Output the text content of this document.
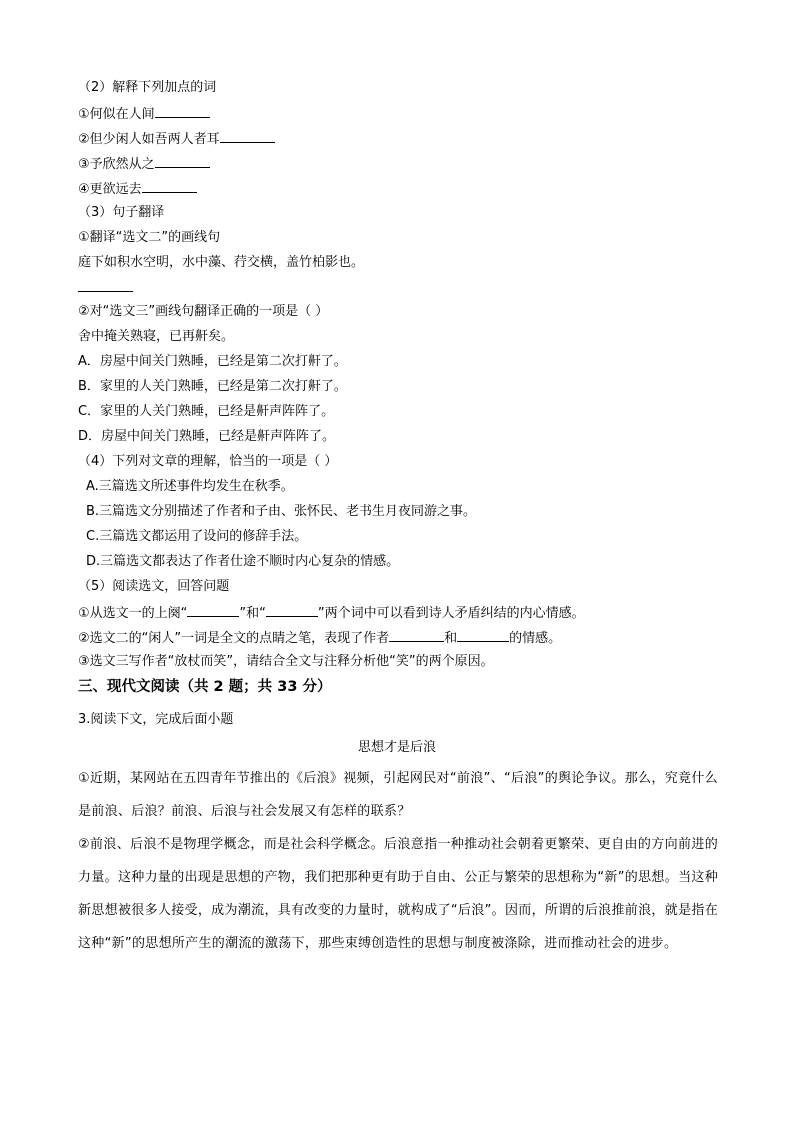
（2）解释下列加点的词
①何似在人间
②但少闲人如吾两人者耳
③予欣然从之
④更欲远去
（3）句子翻译
①翻译“选文二”的画线句
庭下如积水空明，水中藻、荇交横，盖竹柏影也。
②对“选文三”画线句翻译正确的一项是（ ）
舍中掩关熟寝，已再鼾矣。
A．房屋中间关门熟睡，已经是第二次打鼾了。
B．家里的人关门熟睡，已经是第二次打鼾了。
C．家里的人关门熟睡，已经是鼾声阵阵了。
D．房屋中间关门熟睡，已经是鼾声阵阵了。
（4）下列对文章的理解，恰当的一项是（ ）
A.三篇选文所述事件均发生在秋季。
B.三篇选文分别描述了作者和子由、张怀民、老书生月夜同游之事。
C.三篇选文都运用了设问的修辞手法。
D.三篇选文都表达了作者仕途不顺时内心复杂的情感。
（5）阅读选文，回答问题
①从选文一的上阕“	”和“	”两个词中可以看到诗人矛盾纠结的内心情感。
②选文二的“闲人”一词是全文的点睛之笔，表现了作者	和	的情感。
③选文三写作者“放杖而笑”，请结合全文与注释分析他“笑”的两个原因。
三、现代文阅读（共 2 题；共 33 分）
3.阅读下文，完成后面小题
思想才是后浪
①近期，某网站在五四青年节推出的《后浪》视频，引起网民对“前浪”、“后浪”的舆论争议。那么，究竟什么是前浪、后浪？前浪、后浪与社会发展又有怎样的联系？
②前浪、后浪不是物理学概念，而是社会科学概念。后浪意指一种推动社会朝着更繁荣、更自由的方向前进的力量。这种力量的出现是思想的产物，我们把那种更有助于自由、公正与繁荣的思想称为“新”的思想。当这种新思想被很多人接受，成为潮流，具有改变的力量时，就构成了“后浪”。因而，所谓的后浪推前浪，就是指在这种“新”的思想所产生的潮流的激荡下，那些束缚创造性的思想与制度被涤除，进而推动社会的进步。
